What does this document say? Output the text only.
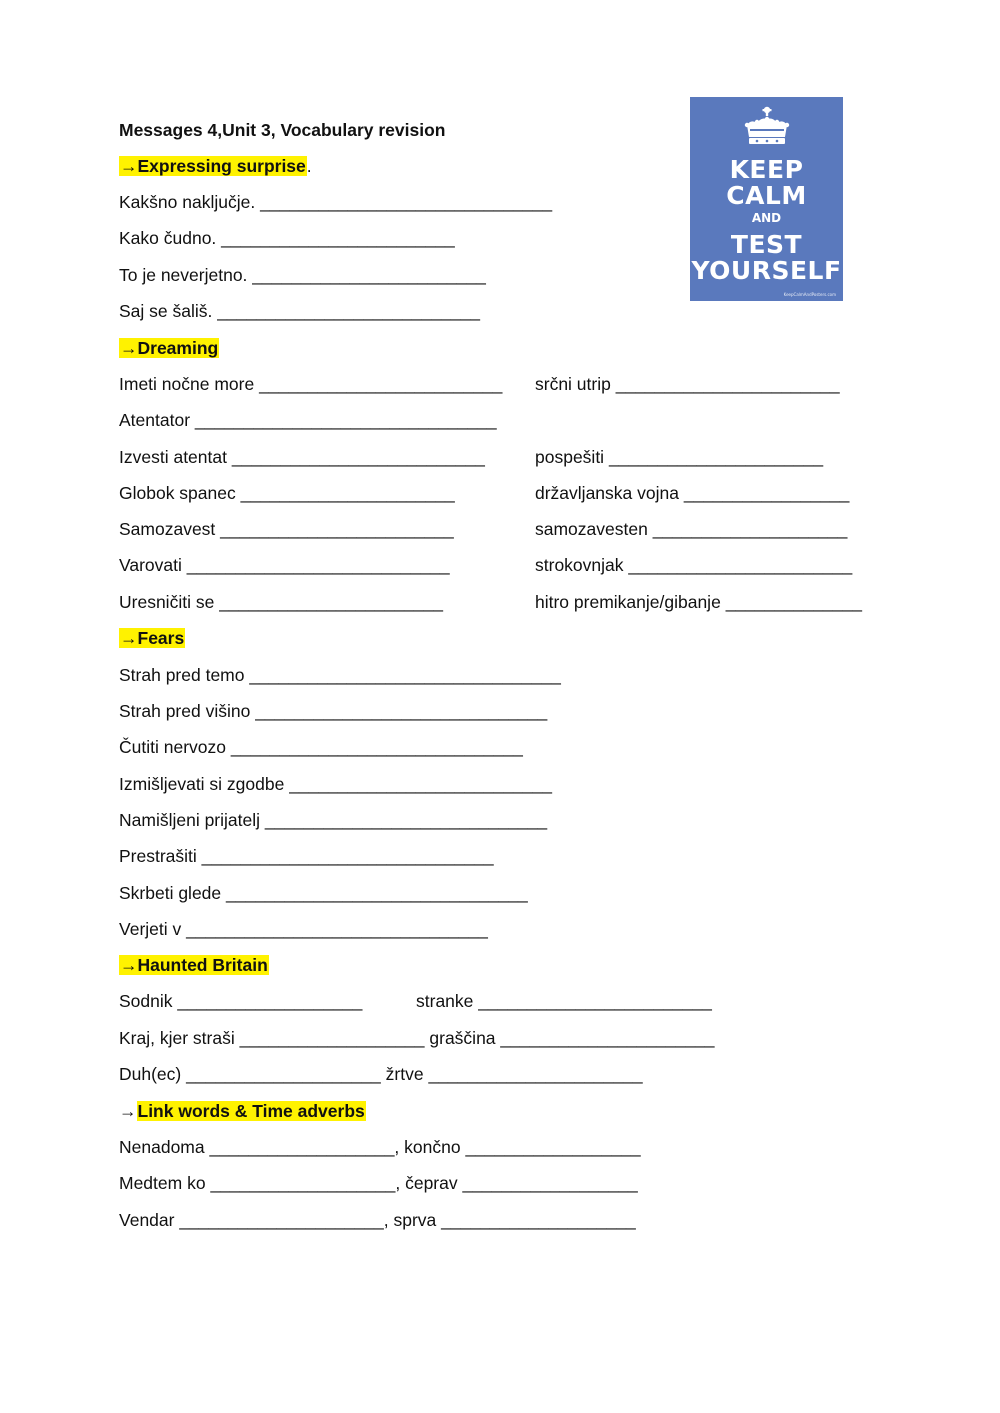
Messages 4,Unit 3, Vocabulary revision
→Expressing surprise.
Kakšno naključje. ______________________________
Kako čudno. ________________________
To je neverjetno. ________________________
Saj se šališ. ___________________________
KEEP
CALM
AND
TEST
YOURSELF
KeepCalmAndPosters.com
→Dreaming
Imeti nočne more _________________________ srčni utrip _______________________
Atentator _______________________________
Izvesti atentat __________________________	pospešiti ______________________
Globok spanec ______________________	državljanska vojna _________________
Samozavest ________________________	samozavesten ____________________
Varovati ___________________________	strokovnjak _______________________
Uresničiti se _______________________	hitro premikanje/gibanje ______________
→Fears
Strah pred temo ________________________________
Strah pred višino ______________________________
Čutiti nervozo ______________________________
Izmišljevati si zgodbe ___________________________
Namišljeni prijatelj _____________________________
Prestrašiti ______________________________
Skrbeti glede _______________________________
Verjeti v _______________________________
→Haunted Britain
Sodnik ___________________	stranke ________________________
Kraj, kjer straši ___________________ graščina ______________________
Duh(ec) ____________________ žrtve ______________________
→Link words & Time adverbs
Nenadoma ___________________, končno __________________
Medtem ko ___________________, čeprav __________________
Vendar _____________________, sprva ____________________
